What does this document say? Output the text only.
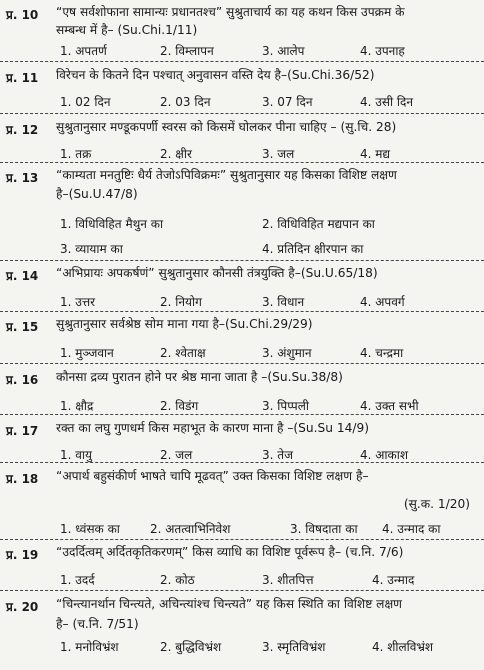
प्र. 10 “एष सर्वशोफाना सामान्यः प्रधानतश्च” सुश्रुताचार्य का यह कथन किस उपक्रम के
सम्बन्ध में है– (Su.Chi.1/11)
1. अपतर्ण	2. विम्लापन	3. आलेप	4. उपनाह
प्र. 11 विरेचन के कितने दिन पश्चात् अनुवासन वस्ति देय है–(Su.Chi.36/52)
1. 02 दिन	2. 03 दिन	3. 07 दिन	4. उसी दिन
प्र. 12 सुश्रुतानुसार मण्डूकपर्णी स्वरस को किसमें घोलकर पीना चाहिए – (सु.चि. 28)
1. तक्र	2. क्षीर	3. जल	4. मद्य
प्र. 13 “काम्यता मनतुष्टिः धैर्य तेजोऽपिविक्रमः” सुश्रुतानुसार यह किसका विशिष्ट लक्षण
है–(Su.U.47/8)
1. विधिविहित मैथुन का	2. विधिविहित मद्यपान का
3. व्यायाम का	4. प्रतिदिन क्षीरपान का
प्र. 14 “अभिप्रायः अपकर्षणं” सुश्रुतानुसार कौनसी तंत्रयुक्ति है–(Su.U.65/18)
1. उत्तर	2. नियोग	3. विधान	4. अपवर्ग
प्र. 15 सुश्रुतानुसार सर्वश्रेष्ठ सोम माना गया है–(Su.Chi.29/29)
1. मुञ्जवान	2. श्वेताक्ष	3. अंशुमान	4. चन्द्रमा
प्र. 16 कौनसा द्रव्य पुरातन होने पर श्रेष्ठ माना जाता है –(Su.Su.38/8)
1. क्षौद्र	2. विडंग	3. पिप्पली	4. उक्त सभी
प्र. 17 रक्त का लघु गुणधर्म किस महाभूत के कारण माना है –(Su.Su 14/9)
1. वायु	2. जल	3. तेज	4. आकाश
प्र. 18 “अपार्थ बहुसंकीर्ण भाषते चापि मूढवत्” उक्त किसका विशिष्ट लक्षण है–
(सु.क. 1/20)
1. ध्वंसक का	2. अतत्वाभिनिवेश	3. विषदाता का 4. उन्माद का
प्र. 19 “उदर्दित्वम् अर्दितकृतिकरणम्” किस व्याधि का विशिष्ट पूर्वरूप है– (च.नि. 7/6)
1. उदर्द	2. कोठ	3. शीतपित्त	4. उन्माद
प्र. 20 “चिन्त्यानर्थान चिन्त्यते, अचिन्त्यांश्च चिन्त्यते” यह किस स्थिति का विशिष्ट लक्षण
है– (च.नि. 7/51)
1. मनोविभ्रंश	2. बुद्धिविभ्रंश	3. स्मृतिविभ्रंश	4. शीलविभ्रंश
